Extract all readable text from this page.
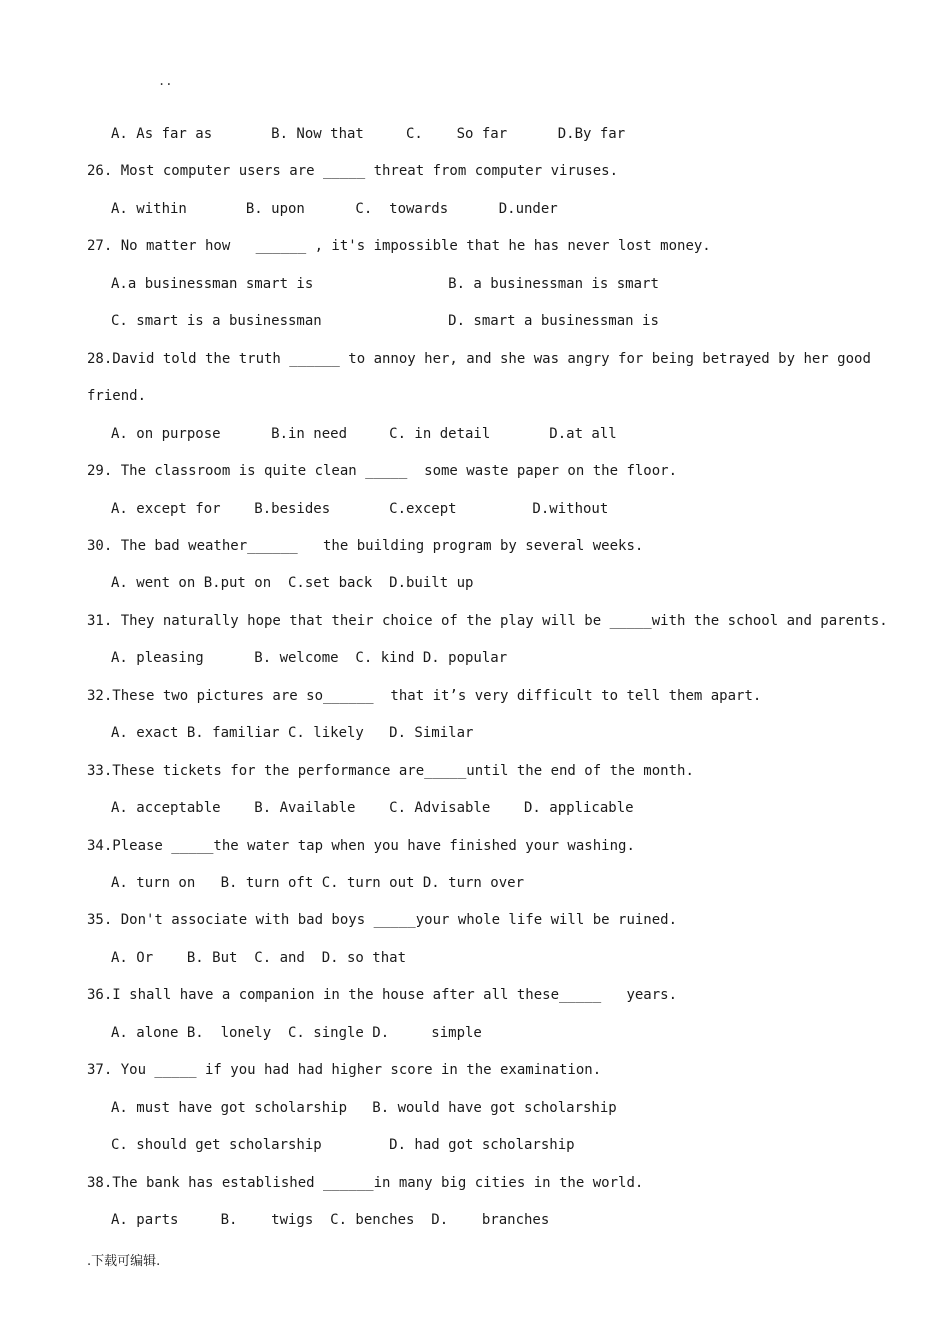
..
A. As far as       B. Now that     C.    So far      D.By far
26. Most computer users are _____ threat from computer viruses.
A. within       B. upon      C.  towards      D.under
27. No matter how   ______ , it's impossible that he has never lost money.
A.a businessman smart is                B. a businessman is smart
C. smart is a businessman               D. smart a businessman is
28.David told the truth ______ to annoy her, and she was angry for being betrayed by her good
friend.
A. on purpose      B.in need     C. in detail       D.at all
29. The classroom is quite clean _____  some waste paper on the floor.
A. except for    B.besides       C.except         D.without
30. The bad weather______   the building program by several weeks.
A. went on B.put on  C.set back  D.built up
31. They naturally hope that their choice of the play will be _____with the school and parents.
A. pleasing      B. welcome  C. kind D. popular
32.These two pictures are so______  that it’s very difficult to tell them apart.
A. exact B. familiar C. likely   D. Similar
33.These tickets for the performance are_____until the end of the month.
A. acceptable    B. Available    C. Advisable    D. applicable
34.Please _____the water tap when you have finished your washing.
A. turn on   B. turn oft C. turn out D. turn over
35. Don't associate with bad boys _____your whole life will be ruined.
A. Or    B. But  C. and  D. so that
36.I shall have a companion in the house after all these_____   years.
A. alone B.  lonely  C. single D.     simple
37. You _____ if you had had higher score in the examination.
A. must have got scholarship   B. would have got scholarship
C. should get scholarship        D. had got scholarship
38.The bank has established ______in many big cities in the world.
A. parts     B.    twigs  C. benches  D.    branches
.下载可编辑.
